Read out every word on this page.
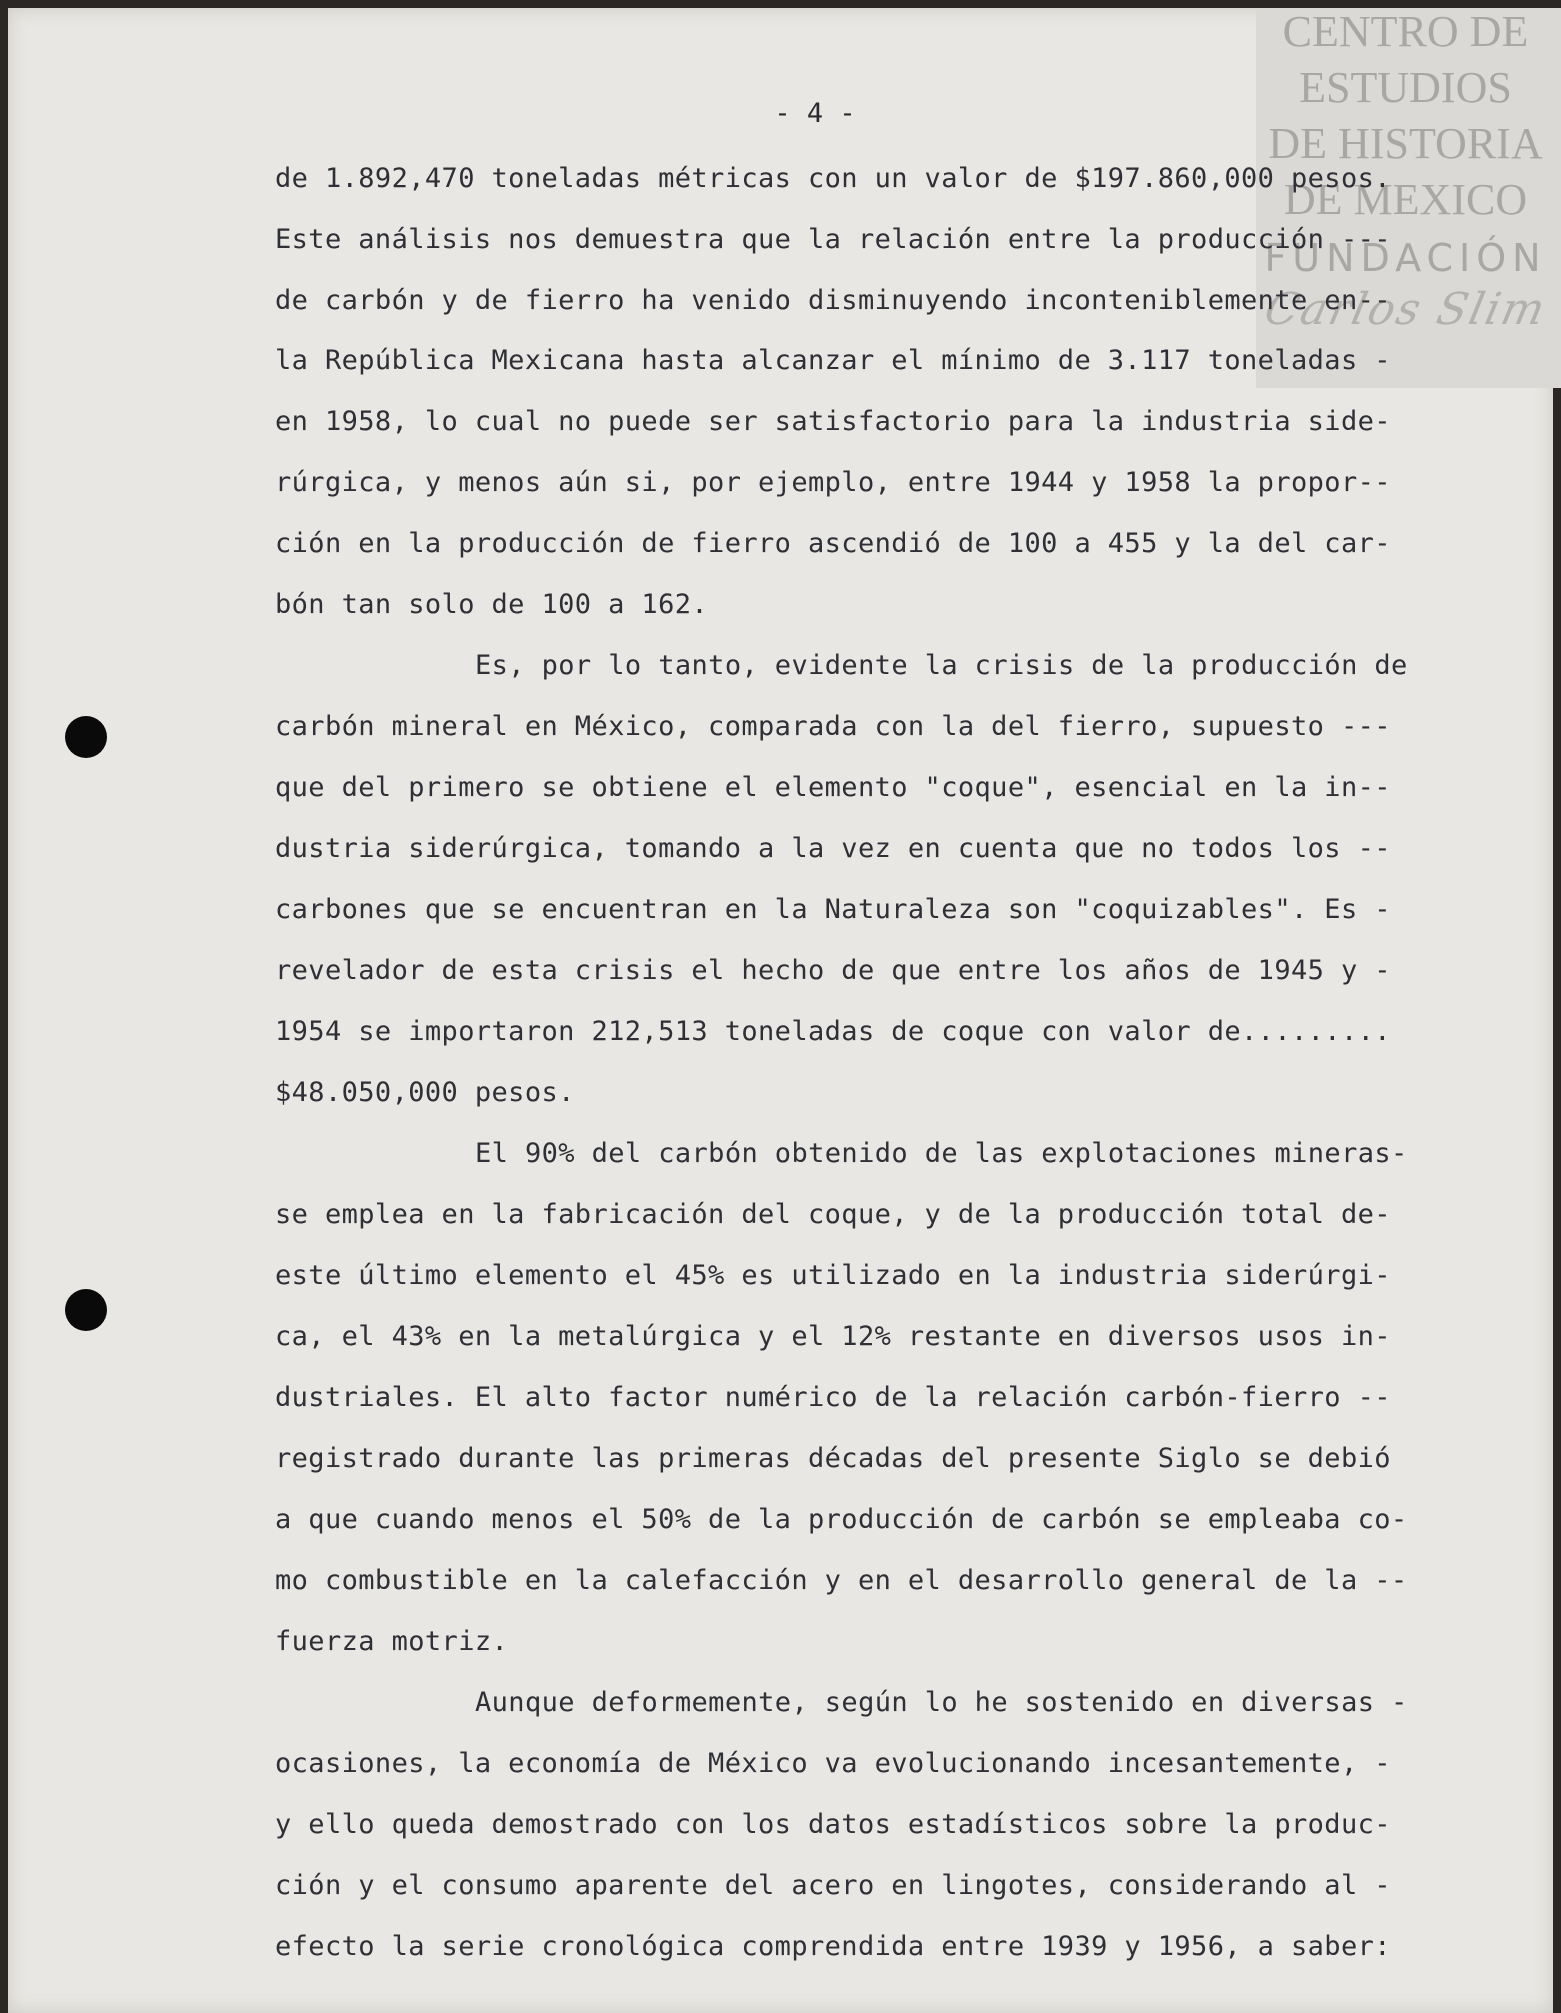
CENTRO DE
ESTUDIOS
DE HISTORIA
DE MEXICO
FUNDACIÓN
Carlos Slim
- 4 -
de 1.892,470 toneladas métricas con un valor de $197.860,000 pesos.
Este análisis nos demuestra que la relación entre la producción ---
de carbón y de fierro ha venido disminuyendo inconteniblemente en--
la República Mexicana hasta alcanzar el mínimo de 3.117 toneladas -
en 1958, lo cual no puede ser satisfactorio para la industria side-
rúrgica, y menos aún si, por ejemplo, entre 1944 y 1958 la propor--
ción en la producción de fierro ascendió de 100 a 455 y la del car-
bón tan solo de 100 a 162.
Es, por lo tanto, evidente la crisis de la producción de
carbón mineral en México, comparada con la del fierro, supuesto ---
que del primero se obtiene el elemento "coque", esencial en la in--
dustria siderúrgica, tomando a la vez en cuenta que no todos los --
carbones que se encuentran en la Naturaleza son "coquizables". Es -
revelador de esta crisis el hecho de que entre los años de 1945 y -
1954 se importaron 212,513 toneladas de coque con valor de.........
$48.050,000 pesos.
El 90% del carbón obtenido de las explotaciones mineras-
se emplea en la fabricación del coque, y de la producción total de-
este último elemento el 45% es utilizado en la industria siderúrgi-
ca, el 43% en la metalúrgica y el 12% restante en diversos usos in-
dustriales. El alto factor numérico de la relación carbón-fierro --
registrado durante las primeras décadas del presente Siglo se debió
a que cuando menos el 50% de la producción de carbón se empleaba co-
mo combustible en la calefacción y en el desarrollo general de la --
fuerza motriz.
Aunque deformemente, según lo he sostenido en diversas -
ocasiones, la economía de México va evolucionando incesantemente, -
y ello queda demostrado con los datos estadísticos sobre la produc-
ción y el consumo aparente del acero en lingotes, considerando al -
efecto la serie cronológica comprendida entre 1939 y 1956, a saber:
